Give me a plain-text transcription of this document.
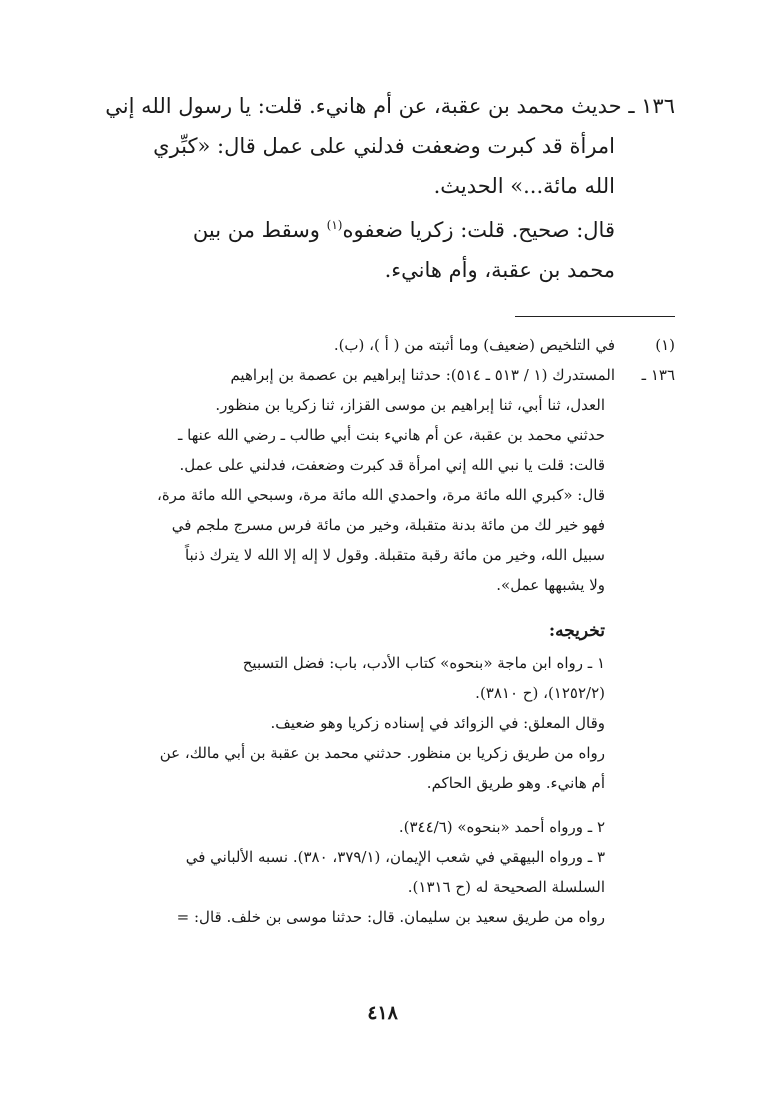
١٣٦ ـ حديث محمد بن عقبة، عن أم هانيء. قلت: يا رسول الله إني
امرأة قد كبرت وضعفت فدلني على عمل قال: «كبِّري
الله مائة...» الحديث.
قال: صحيح. قلت: زكريا ضعفوه$^{(١)}$ وسقط من بين
محمد بن عقبة، وأم هانيء.
(١)في التلخيص (ضعيف) وما أثبته من ( أ )، (ب).
١٣٦ ـالمستدرك (١ / ٥١٣ ـ ٥١٤): حدثنا إبراهيم بن عصمة بن إبراهيم
العدل، ثنا أبي، ثنا إبراهيم بن موسى القزاز، ثنا زكريا بن منظور.
حدثني محمد بن عقبة، عن أم هانيء بنت أبي طالب ـ رضي الله عنها ـ
قالت: قلت يا نبي الله إني امرأة قد كبرت وضعفت، فدلني على عمل.
قال: «كبري الله مائة مرة، واحمدي الله مائة مرة، وسبحي الله مائة مرة،
فهو خير لك من مائة بدنة متقبلة، وخير من مائة فرس مسرج ملجم في
سبيل الله، وخير من مائة رقبة متقبلة. وقول لا إله إلا الله لا يترك ذنباً
ولا يشبهها عمل».
تخريجه:
١ ـ رواه ابن ماجة «بنحوه» كتاب الأدب، باب: فضل التسبيح
(١٢٥٢/٢)، (ح ٣٨١٠).
وقال المعلق: في الزوائد في إسناده زكريا وهو ضعيف.
رواه من طريق زكريا بن منظور. حدثني محمد بن عقبة بن أبي مالك، عن
أم هانيء. وهو طريق الحاكم.
٢ ـ ورواه أحمد «بنحوه» (٣٤٤/٦).
٣ ـ ورواه البيهقي في شعب الإيمان، (٣٧٩/١، ٣٨٠). نسبه الألباني في
السلسلة الصحيحة له (ح ١٣١٦).
رواه من طريق سعيد بن سليمان. قال: حدثنا موسى بن خلف. قال: =
٤١٨
